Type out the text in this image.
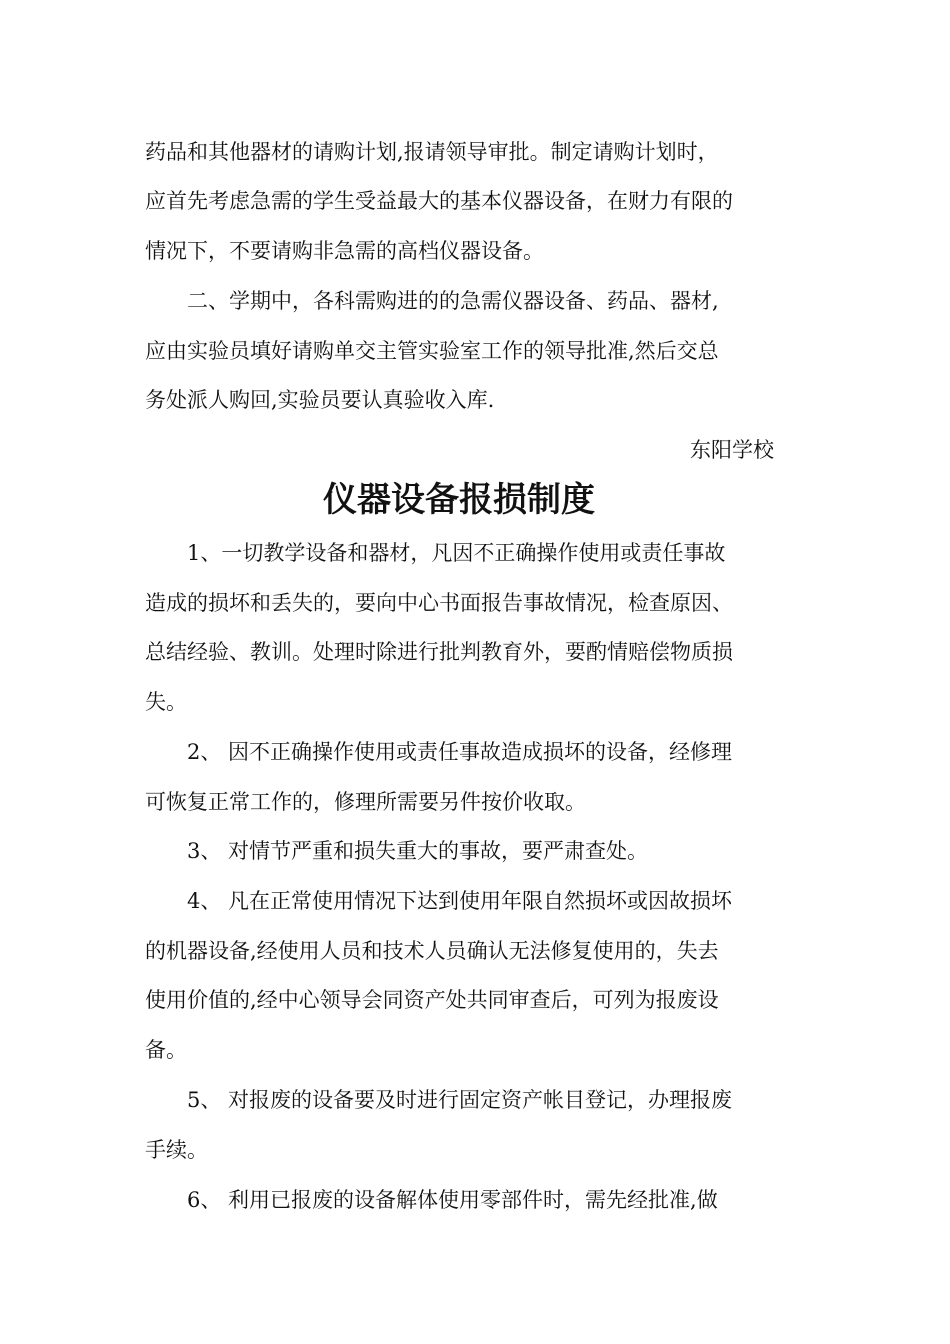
药品和其他器材的请购计划,报请领导审批。制定请购计划时，
应首先考虑急需的学生受益最大的基本仪器设备，在财力有限的
情况下，不要请购非急需的高档仪器设备。
二、学期中，各科需购进的的急需仪器设备、药品、器材,
应由实验员填好请购单交主管实验室工作的领导批准,然后交总
务处派人购回,实验员要认真验收入库.
东阳学校
仪器设备报损制度
1、一切教学设备和器材，凡因不正确操作使用或责任事故
造成的损坏和丢失的，要向中心书面报告事故情况，检查原因、
总结经验、教训。处理时除进行批判教育外，要酌情赔偿物质损
失。
2、 因不正确操作使用或责任事故造成损坏的设备，经修理
可恢复正常工作的，修理所需要另件按价收取。
3、 对情节严重和损失重大的事故，要严肃查处。
4、 凡在正常使用情况下达到使用年限自然损坏或因故损坏
的机器设备,经使用人员和技术人员确认无法修复使用的，失去
使用价值的,经中心领导会同资产处共同审查后，可列为报废设
备。
5、 对报废的设备要及时进行固定资产帐目登记，办理报废
手续。
6、 利用已报废的设备解体使用零部件时，需先经批准,做
